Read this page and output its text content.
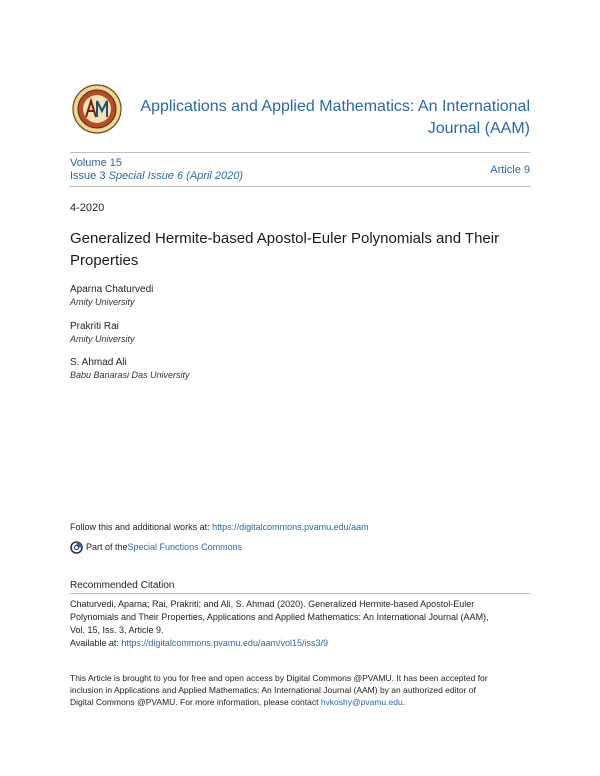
Applications and Applied Mathematics: An International
Journal (AAM)
Volume 15
Issue 3 Special Issue 6 (April 2020)	Article 9
4-2020
Generalized Hermite-based Apostol-Euler Polynomials and Their
Properties
Aparna Chaturvedi
Amity University
Prakriti Rai
Amity University
S. Ahmad Ali
Babu Banarasi Das University
Follow this and additional works at: https://digitalcommons.pvamu.edu/aam
Part of the Special Functions Commons
Recommended Citation
Chaturvedi, Aparna; Rai, Prakriti; and Ali, S. Ahmad (2020). Generalized Hermite-based Apostol-Euler
Polynomials and Their Properties, Applications and Applied Mathematics: An International Journal (AAM),
Vol. 15, Iss. 3, Article 9.
Available at: https://digitalcommons.pvamu.edu/aam/vol15/iss3/9
This Article is brought to you for free and open access by Digital Commons @PVAMU. It has been accepted for
inclusion in Applications and Applied Mathematics: An International Journal (AAM) by an authorized editor of
Digital Commons @PVAMU. For more information, please contact hvkoshy@pvamu.edu.
